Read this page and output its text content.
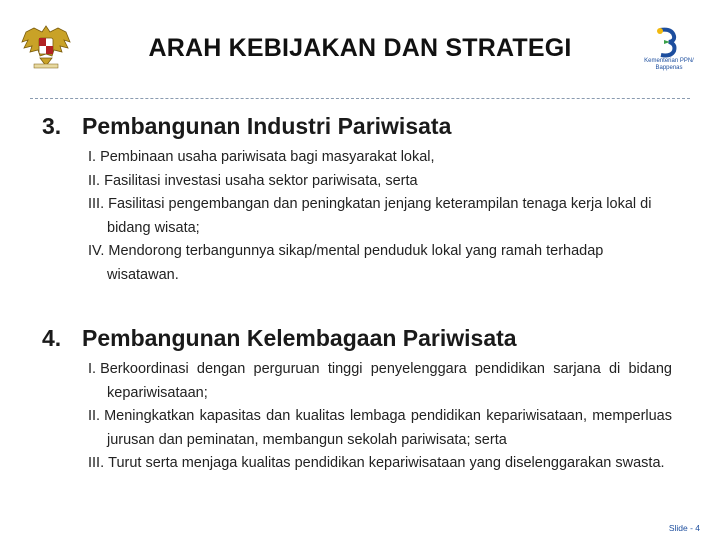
Kementerian PPN/
Bappenas
ARAH KEBIJAKAN DAN STRATEGI
3. Pembangunan Industri Pariwisata
I. Pembinaan usaha pariwisata bagi masyarakat lokal,
II. Fasilitasi investasi usaha sektor pariwisata, serta
III. Fasilitasi pengembangan dan peningkatan jenjang keterampilan tenaga kerja lokal di bidang wisata;
IV. Mendorong terbangunnya sikap/mental penduduk lokal yang ramah terhadap wisatawan.
4. Pembangunan Kelembagaan Pariwisata
I. Berkoordinasi dengan perguruan tinggi penyelenggara pendidikan sarjana di bidang kepariwisataan;
II. Meningkatkan kapasitas dan kualitas lembaga pendidikan kepariwisataan, memperluas jurusan dan peminatan, membangun sekolah pariwisata; serta
III. Turut serta menjaga kualitas pendidikan kepariwisataan yang diselenggarakan swasta.
Slide - 4
